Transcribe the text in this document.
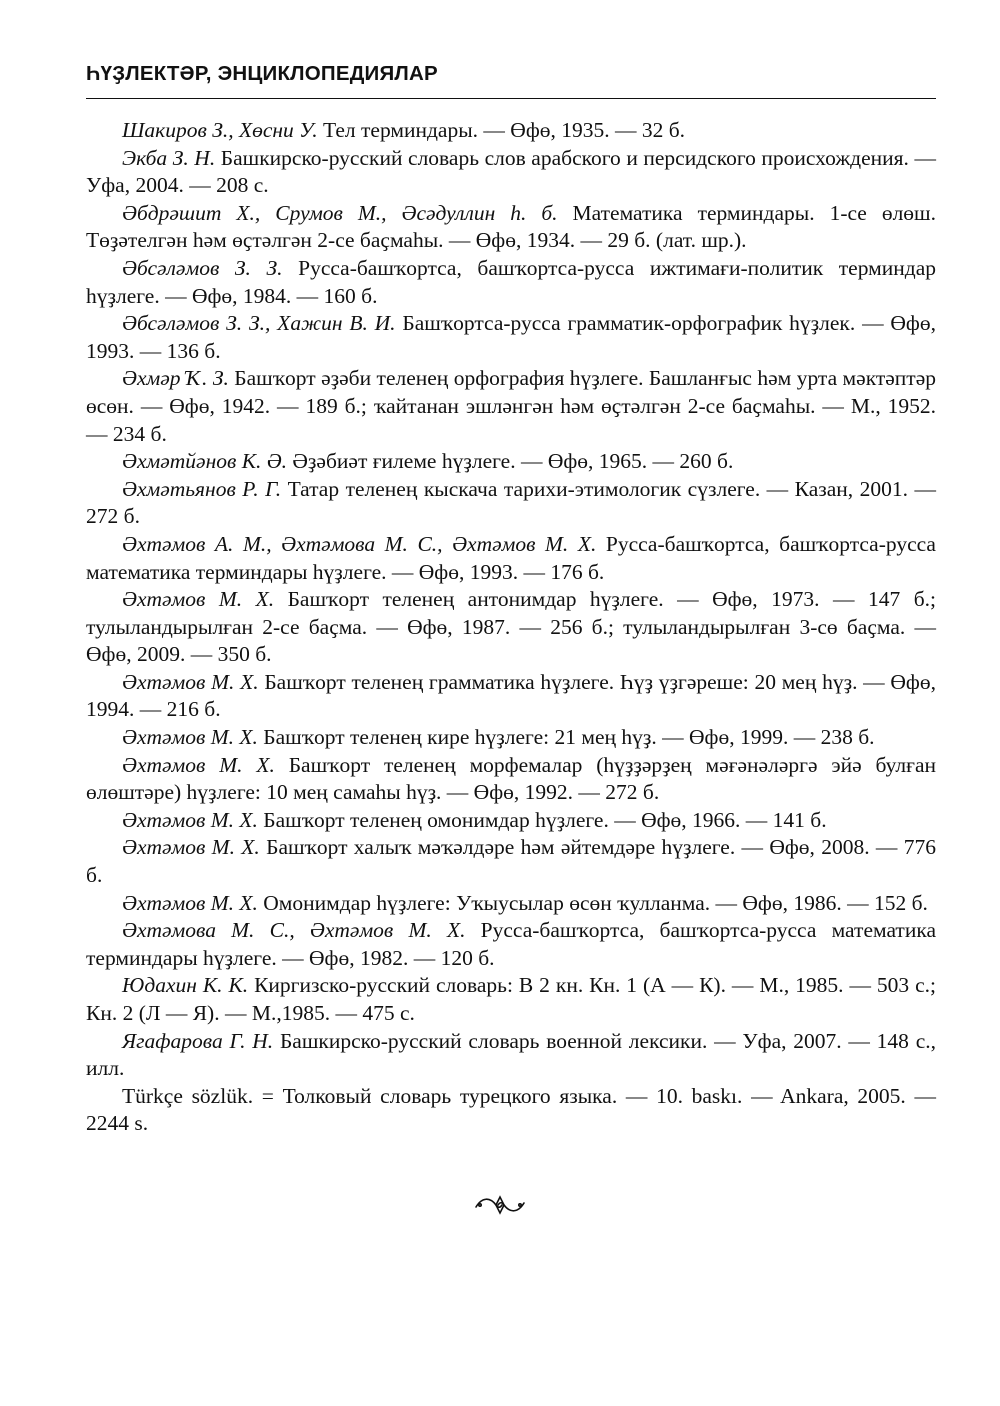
ҺҮҘЛЕКТӘР, ЭНЦИКЛОПЕДИЯЛАР

Шакиров З., Хөсни У. Тел терминдары. — Өфө, 1935. — 32 б.

Экба З. Н. Башкирско-русский словарь слов арабского и персидского происхождения. — Уфа, 2004. — 208 с.

Әбдрәшит Х., Срумов М., Әсәдуллин һ. б. Математика терминдары. 1-се өлөш. Төҙәтелгән һәм өҫтәлгән 2-се баҫмаһы. — Өфө, 1934. — 29 б. (лат. шр.).

Әбсәләмов З. З. Русса-башҡортса, башҡортса-русса ижтимағи-политик терминдар һүҙлеге. — Өфө, 1984. — 160 б.

Әбсәләмов З. З., Хажин В. И. Башҡортса-русса грамматик-орфографик һүҙлек. — Өфө, 1993. — 136 б.

Әхмәр Ҡ. З. Башҡорт әҙәби теленең орфография һүҙлеге. Башланғыс һәм урта мәктәптәр өсөн. — Өфө, 1942. — 189 б.; ҡайтанан эшләнгән һәм өҫтәлгән 2-се баҫмаһы. — М., 1952. — 234 б.

Әхмәтйәнов К. Ә. Әҙәбиәт ғилеме һүҙлеге. — Өфө, 1965. — 260 б.

Әхмәтьянов Р. Г. Татар теленең кыскача тарихи-этимологик сүзлеге. — Казан, 2001. — 272 б.

Әхтәмов А. М., Әхтәмова М. С., Әхтәмов М. Х. Русса-башҡортса, башҡортса-русса математика терминдары һүҙлеге. — Өфө, 1993. — 176 б.

Әхтәмов М. Х. Башҡорт теленең антонимдар һүҙлеге. — Өфө, 1973. — 147 б.; тулыландырылған 2-се баҫма. — Өфө, 1987. — 256 б.; тулыландырылған 3-сө баҫма. — Өфө, 2009. — 350 б.

Әхтәмов М. Х. Башҡорт теленең грамматика һүҙлеге. Һүҙ үҙгәреше: 20 мең һүҙ. — Өфө, 1994. — 216 б.

Әхтәмов М. Х. Башҡорт теленең кире һүҙлеге: 21 мең һүҙ. — Өфө, 1999. — 238 б.

Әхтәмов М. Х. Башҡорт теленең морфемалар (һүҙҙәрҙең мәғәнәләргә эйә булған өлөштәре) һүҙлеге: 10 мең самаһы һүҙ. — Өфө, 1992. — 272 б.

Әхтәмов М. Х. Башҡорт теленең омонимдар һүҙлеге. — Өфө, 1966. — 141 б.

Әхтәмов М. Х. Башҡорт халыҡ мәҡәлдәре һәм әйтемдәре һүҙлеге. — Өфө, 2008. — 776 б.

Әхтәмов М. Х. Омонимдар һүҙлеге: Уҡыусылар өсөн ҡулланма. — Өфө, 1986. — 152 б.

Әхтәмова М. С., Әхтәмов М. Х. Русса-башҡортса, башҡортса-русса математика терминдары һүҙлеге. — Өфө, 1982. — 120 б.

Юдахин К. К. Киргизско-русский словарь: В 2 кн. Кн. 1 (А — К). — М., 1985. — 503 с.; Кн. 2 (Л — Я). — М.,1985. — 475 с.

Ягафарова Г. Н. Башкирско-русский словарь военной лексики. — Уфа, 2007. — 148 с., илл.

Türkçe sözlük. = Толковый словарь турецкого языка. — 10. baskı. — Ankara, 2005. — 2244 s.
